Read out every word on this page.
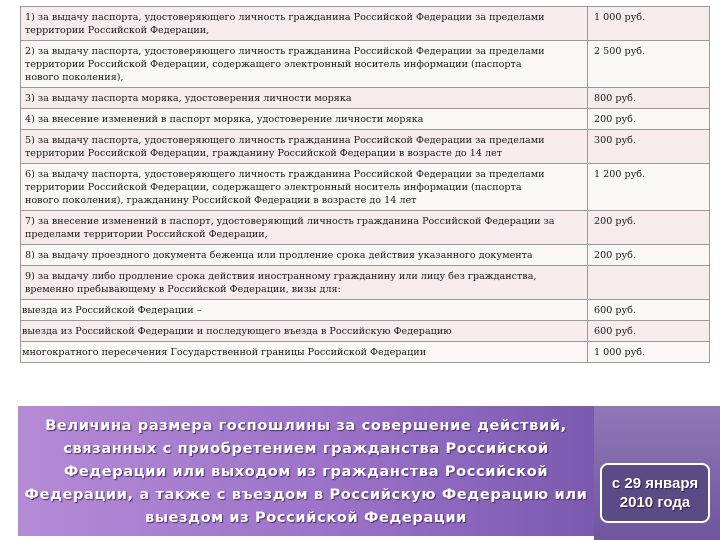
1) за выдачу паспорта, удостоверяющего личность гражданина Российской Федерации за пределами
территории Российской Федерации,	1 000 руб.

2) за выдачу паспорта, удостоверяющего личность гражданина Российской Федерации за пределами
территории Российской Федерации, содержащего электронный носитель информации (паспорта
нового поколения),	2 500 руб.

3) за выдачу паспорта моряка, удостоверения личности моряка	800 руб.

4) за внесение изменений в паспорт моряка, удостоверение личности моряка	200 руб.

5) за выдачу паспорта, удостоверяющего личность гражданина Российской Федерации за пределами
территории Российской Федерации, гражданину Российской Федерации в возрасте до 14 лет	300 руб.

6) за выдачу паспорта, удостоверяющего личность гражданина Российской Федерации за пределами
территории Российской Федерации, содержащего электронный носитель информации (паспорта
нового поколения), гражданину Российской Федерации в возрасте до 14 лет	1 200 руб.

7) за внесение изменений в паспорт, удостоверяющий личность гражданина Российской Федерации за
пределами территории Российской Федерации,	200 руб.

8) за выдачу проездного документа беженца или продление срока действия указанного документа	200 руб.

9) за выдачу либо продление срока действия иностранному гражданину или лицу без гражданства,
временно пребывающему в Российской Федерации, визы для:	

выезда из Российской Федерации –	600 руб.

выезда из Российской Федерации и последующего въезда в Российскую Федерацию	600 руб.

многократного пересечения Государственной границы Российской Федерации	1 000 руб.

Величина размера госпошлины за совершение действий,
связанных с приобретением гражданства Российской
Федерации или выходом из гражданства Российской
Федерации, а также с въездом в Российскую Федерацию или
выездом из Российской Федерации

с 29 января
2010 года
